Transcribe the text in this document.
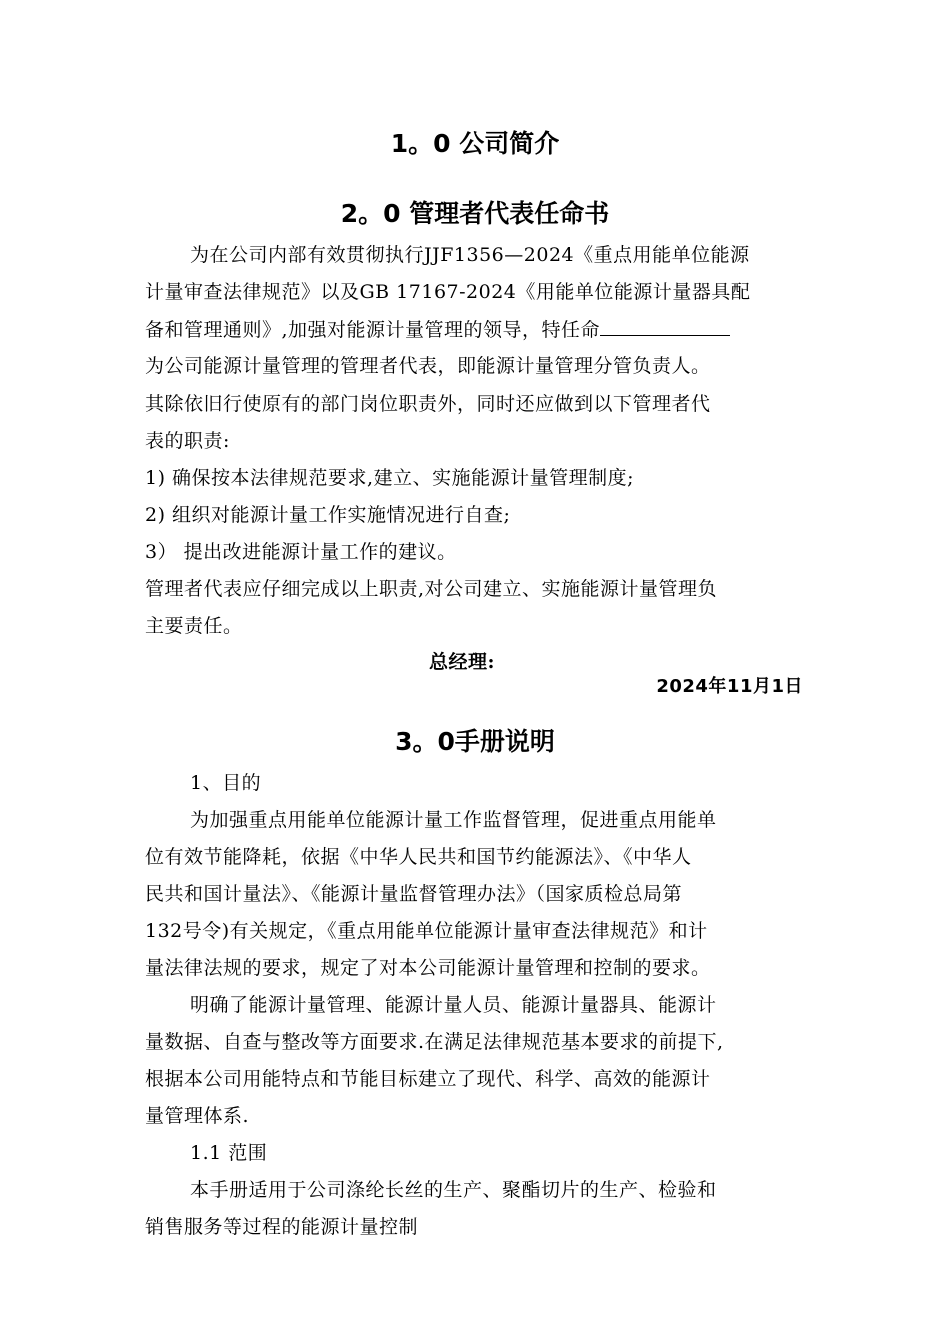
1。0 公司简介
2。0 管理者代表任命书
为在公司内部有效贯彻执行JJF1356—2024《重点用能单位能源
计量审查法律规范》以及GB 17167-2024《用能单位能源计量器具配
备和管理通则》,加强对能源计量管理的领导，特任命
为公司能源计量管理的管理者代表，即能源计量管理分管负责人。
其除依旧行使原有的部门岗位职责外，同时还应做到以下管理者代
表的职责:
1) 确保按本法律规范要求,建立、实施能源计量管理制度;
2) 组织对能源计量工作实施情况进行自查;
3） 提出改进能源计量工作的建议。
管理者代表应仔细完成以上职责,对公司建立、实施能源计量管理负
主要责任。
总经理:
2024年11月1日
3。0手册说明
1、目的
为加强重点用能单位能源计量工作监督管理，促进重点用能单
位有效节能降耗，依据《中华人民共和国节约能源法》、《中华人
民共和国计量法》、《能源计量监督管理办法》（国家质检总局第
132号令)有关规定，《重点用能单位能源计量审查法律规范》和计
量法律法规的要求，规定了对本公司能源计量管理和控制的要求。
明确了能源计量管理、能源计量人员、能源计量器具、能源计
量数据、自查与整改等方面要求.在满足法律规范基本要求的前提下,
根据本公司用能特点和节能目标建立了现代、科学、高效的能源计
量管理体系.
1.1 范围
本手册适用于公司涤纶长丝的生产、聚酯切片的生产、检验和
销售服务等过程的能源计量控制
